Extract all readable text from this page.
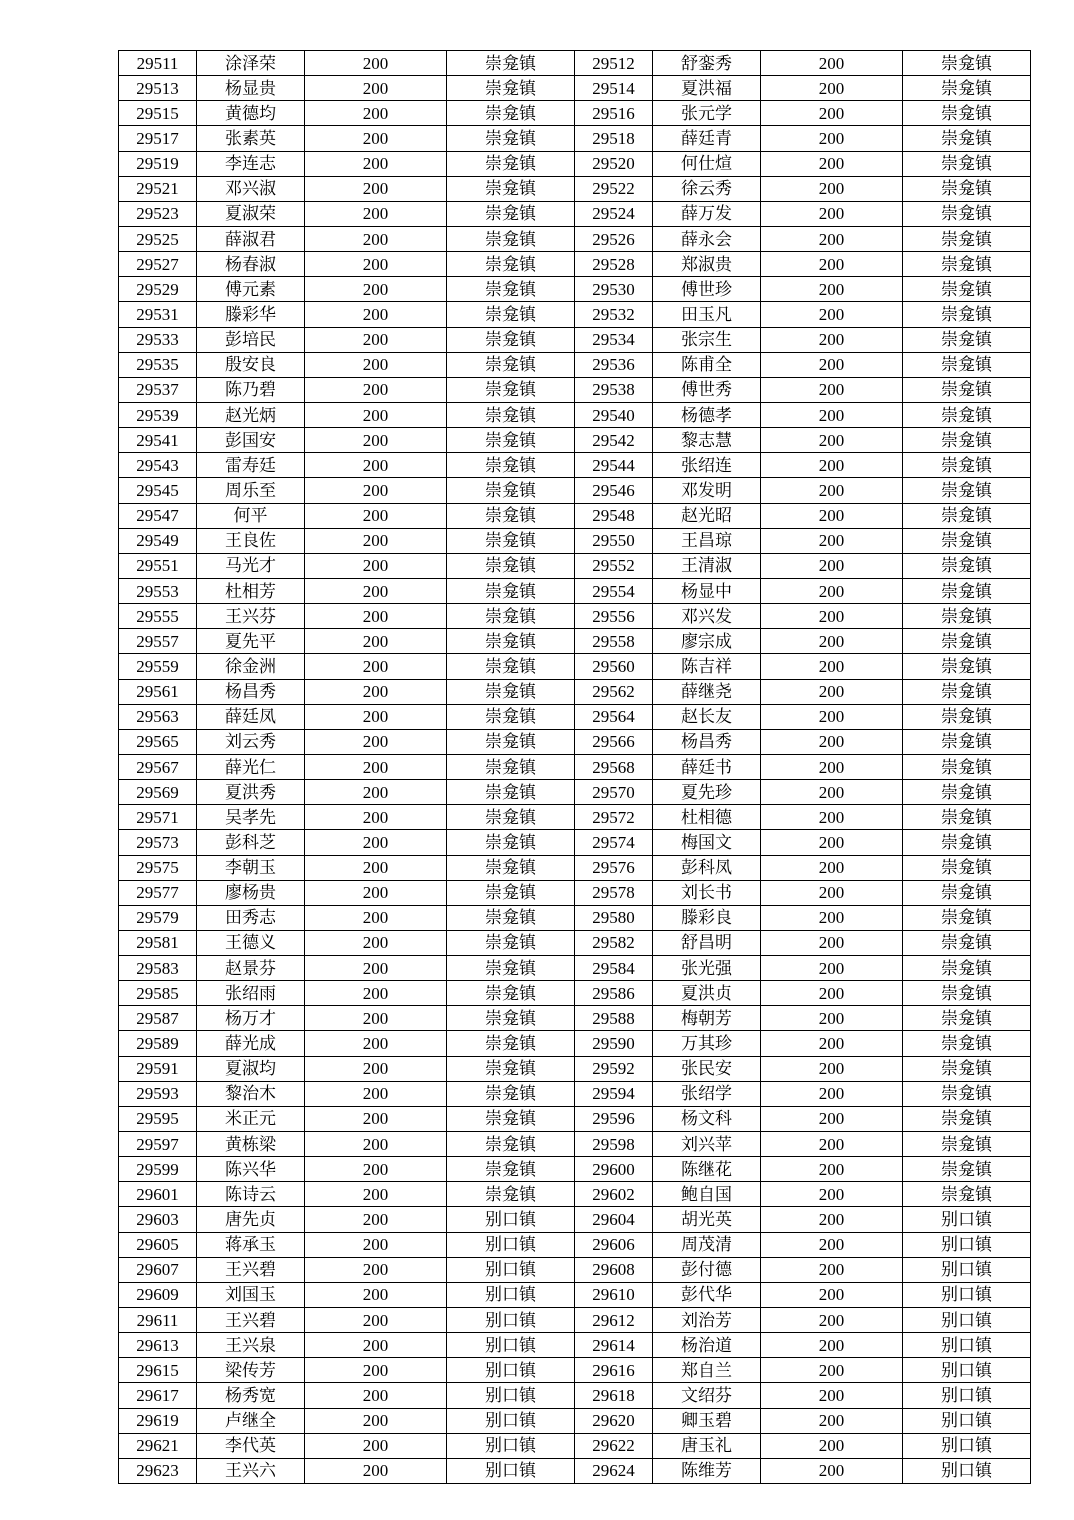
29511	涂泽荣	200	崇龛镇	29512	舒銮秀	200	崇龛镇
29513	杨显贵	200	崇龛镇	29514	夏洪福	200	崇龛镇
29515	黄德均	200	崇龛镇	29516	张元学	200	崇龛镇
29517	张素英	200	崇龛镇	29518	薛廷青	200	崇龛镇
29519	李连志	200	崇龛镇	29520	何仕煊	200	崇龛镇
29521	邓兴淑	200	崇龛镇	29522	徐云秀	200	崇龛镇
29523	夏淑荣	200	崇龛镇	29524	薛万发	200	崇龛镇
29525	薛淑君	200	崇龛镇	29526	薛永会	200	崇龛镇
29527	杨春淑	200	崇龛镇	29528	郑淑贵	200	崇龛镇
29529	傅元素	200	崇龛镇	29530	傅世珍	200	崇龛镇
29531	滕彩华	200	崇龛镇	29532	田玉凡	200	崇龛镇
29533	彭培民	200	崇龛镇	29534	张宗生	200	崇龛镇
29535	殷安良	200	崇龛镇	29536	陈甫全	200	崇龛镇
29537	陈乃碧	200	崇龛镇	29538	傅世秀	200	崇龛镇
29539	赵光炳	200	崇龛镇	29540	杨德孝	200	崇龛镇
29541	彭国安	200	崇龛镇	29542	黎志慧	200	崇龛镇
29543	雷寿廷	200	崇龛镇	29544	张绍连	200	崇龛镇
29545	周乐至	200	崇龛镇	29546	邓发明	200	崇龛镇
29547	何平	200	崇龛镇	29548	赵光昭	200	崇龛镇
29549	王良佐	200	崇龛镇	29550	王昌琼	200	崇龛镇
29551	马光才	200	崇龛镇	29552	王清淑	200	崇龛镇
29553	杜相芳	200	崇龛镇	29554	杨显中	200	崇龛镇
29555	王兴芬	200	崇龛镇	29556	邓兴发	200	崇龛镇
29557	夏先平	200	崇龛镇	29558	廖宗成	200	崇龛镇
29559	徐金洲	200	崇龛镇	29560	陈吉祥	200	崇龛镇
29561	杨昌秀	200	崇龛镇	29562	薛继尧	200	崇龛镇
29563	薛廷凤	200	崇龛镇	29564	赵长友	200	崇龛镇
29565	刘云秀	200	崇龛镇	29566	杨昌秀	200	崇龛镇
29567	薛光仁	200	崇龛镇	29568	薛廷书	200	崇龛镇
29569	夏洪秀	200	崇龛镇	29570	夏先珍	200	崇龛镇
29571	吴孝先	200	崇龛镇	29572	杜相德	200	崇龛镇
29573	彭科芝	200	崇龛镇	29574	梅国文	200	崇龛镇
29575	李朝玉	200	崇龛镇	29576	彭科凤	200	崇龛镇
29577	廖杨贵	200	崇龛镇	29578	刘长书	200	崇龛镇
29579	田秀志	200	崇龛镇	29580	滕彩良	200	崇龛镇
29581	王德义	200	崇龛镇	29582	舒昌明	200	崇龛镇
29583	赵景芬	200	崇龛镇	29584	张光强	200	崇龛镇
29585	张绍雨	200	崇龛镇	29586	夏洪贞	200	崇龛镇
29587	杨万才	200	崇龛镇	29588	梅朝芳	200	崇龛镇
29589	薛光成	200	崇龛镇	29590	万其珍	200	崇龛镇
29591	夏淑均	200	崇龛镇	29592	张民安	200	崇龛镇
29593	黎治木	200	崇龛镇	29594	张绍学	200	崇龛镇
29595	米正元	200	崇龛镇	29596	杨文科	200	崇龛镇
29597	黄栋梁	200	崇龛镇	29598	刘兴苹	200	崇龛镇
29599	陈兴华	200	崇龛镇	29600	陈继花	200	崇龛镇
29601	陈诗云	200	崇龛镇	29602	鲍自国	200	崇龛镇
29603	唐先贞	200	别口镇	29604	胡光英	200	别口镇
29605	蒋承玉	200	别口镇	29606	周茂清	200	别口镇
29607	王兴碧	200	别口镇	29608	彭付德	200	别口镇
29609	刘国玉	200	别口镇	29610	彭代华	200	别口镇
29611	王兴碧	200	别口镇	29612	刘治芳	200	别口镇
29613	王兴泉	200	别口镇	29614	杨治道	200	别口镇
29615	梁传芳	200	别口镇	29616	郑自兰	200	别口镇
29617	杨秀宽	200	别口镇	29618	文绍芬	200	别口镇
29619	卢继全	200	别口镇	29620	卿玉碧	200	别口镇
29621	李代英	200	别口镇	29622	唐玉礼	200	别口镇
29623	王兴六	200	别口镇	29624	陈维芳	200	别口镇
